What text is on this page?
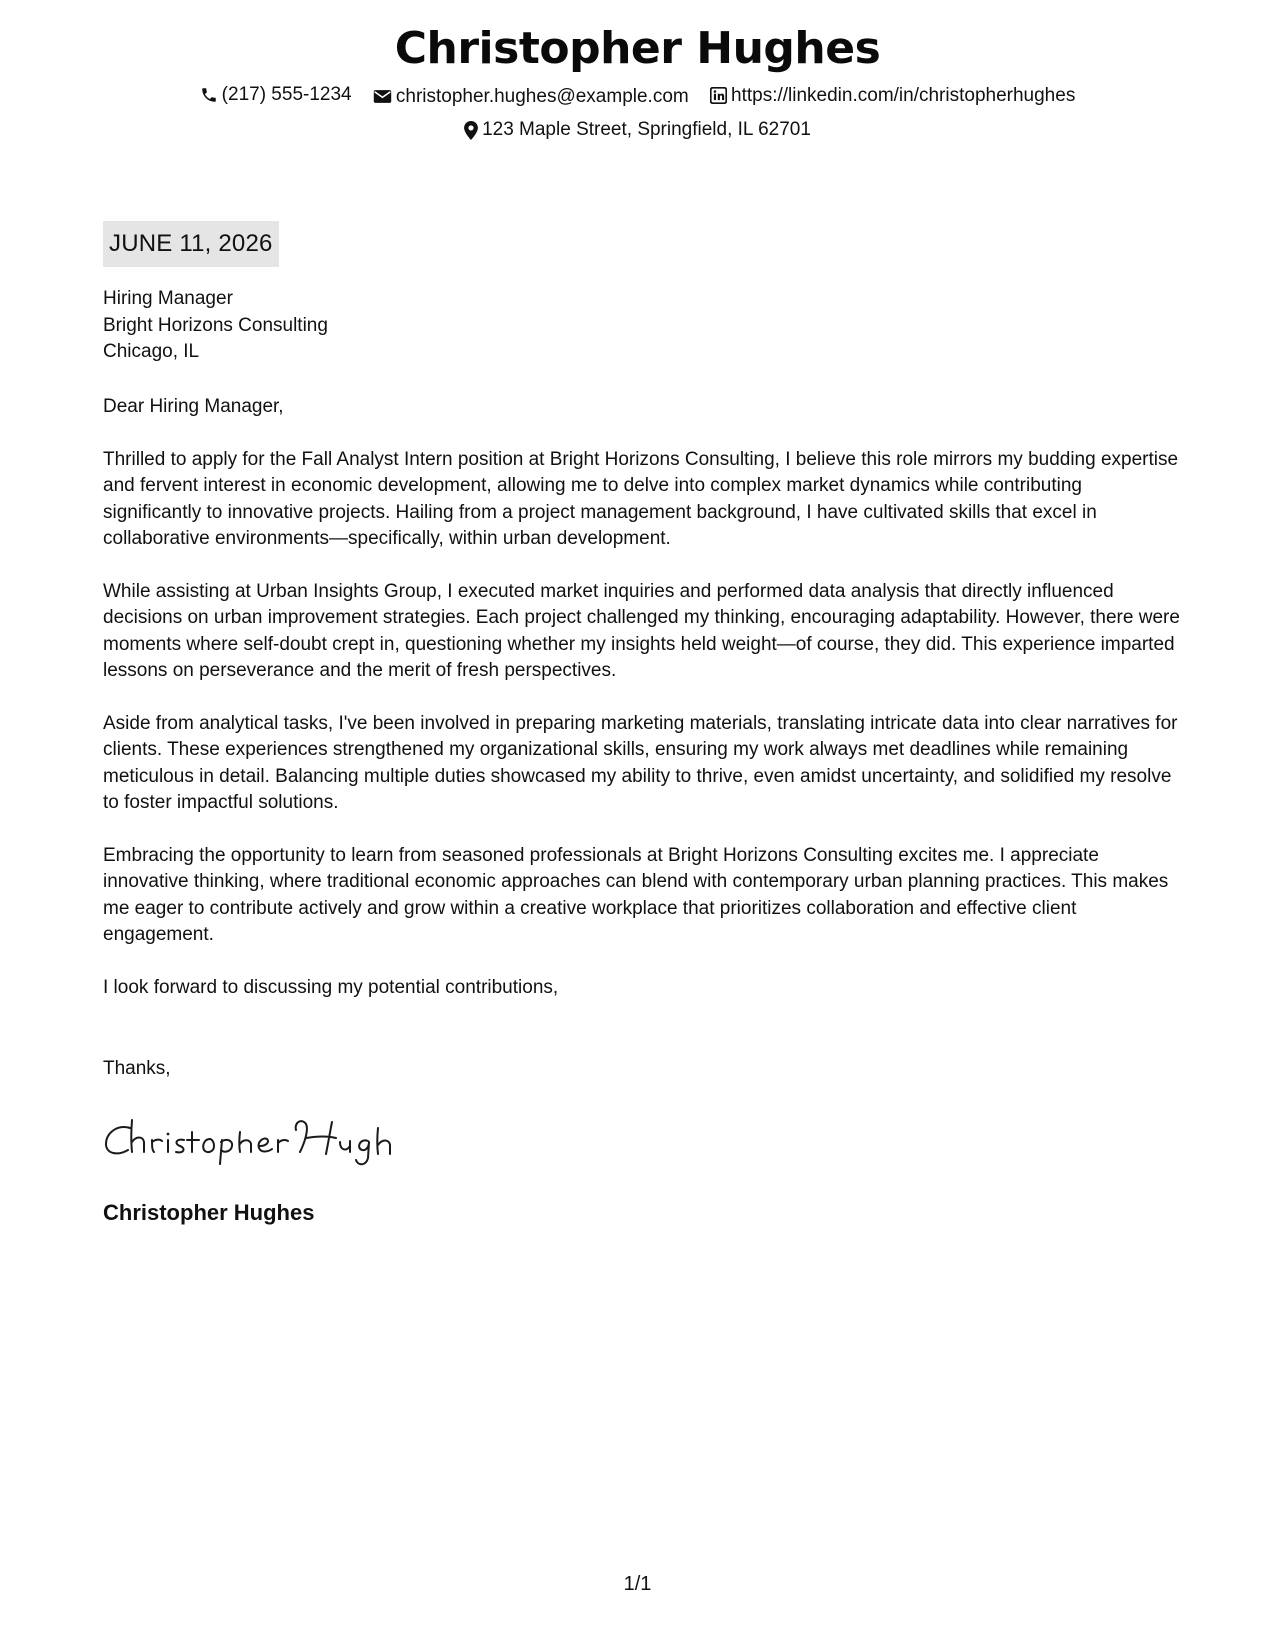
Christopher Hughes
(217) 555-1234
christopher.hughes@example.com
https://linkedin.com/in/christopherhughes
123 Maple Street, Springfield, IL 62701
JUNE 11, 2026
Hiring Manager
Bright Horizons Consulting
Chicago, IL

Dear Hiring Manager,

Thrilled to apply for the Fall Analyst Intern position at Bright Horizons Consulting, I believe this role mirrors my budding expertise and fervent interest in economic development, allowing me to delve into complex market dynamics while contributing significantly to innovative projects. Hailing from a project management background, I have cultivated skills that excel in collaborative environments—specifically, within urban development.

While assisting at Urban Insights Group, I executed market inquiries and performed data analysis that directly influenced decisions on urban improvement strategies. Each project challenged my thinking, encouraging adaptability. However, there were moments where self-doubt crept in, questioning whether my insights held weight—of course, they did. This experience imparted lessons on perseverance and the merit of fresh perspectives.

Aside from analytical tasks, I've been involved in preparing marketing materials, translating intricate data into clear narratives for clients. These experiences strengthened my organizational skills, ensuring my work always met deadlines while remaining meticulous in detail. Balancing multiple duties showcased my ability to thrive, even amidst uncertainty, and solidified my resolve to foster impactful solutions.

Embracing the opportunity to learn from seasoned professionals at Bright Horizons Consulting excites me. I appreciate innovative thinking, where traditional economic approaches can blend with contemporary urban planning practices. This makes me eager to contribute actively and grow within a creative workplace that prioritizes collaboration and effective client engagement.

I look forward to discussing my potential contributions,

Thanks,
Christopher Hughes
1/1
